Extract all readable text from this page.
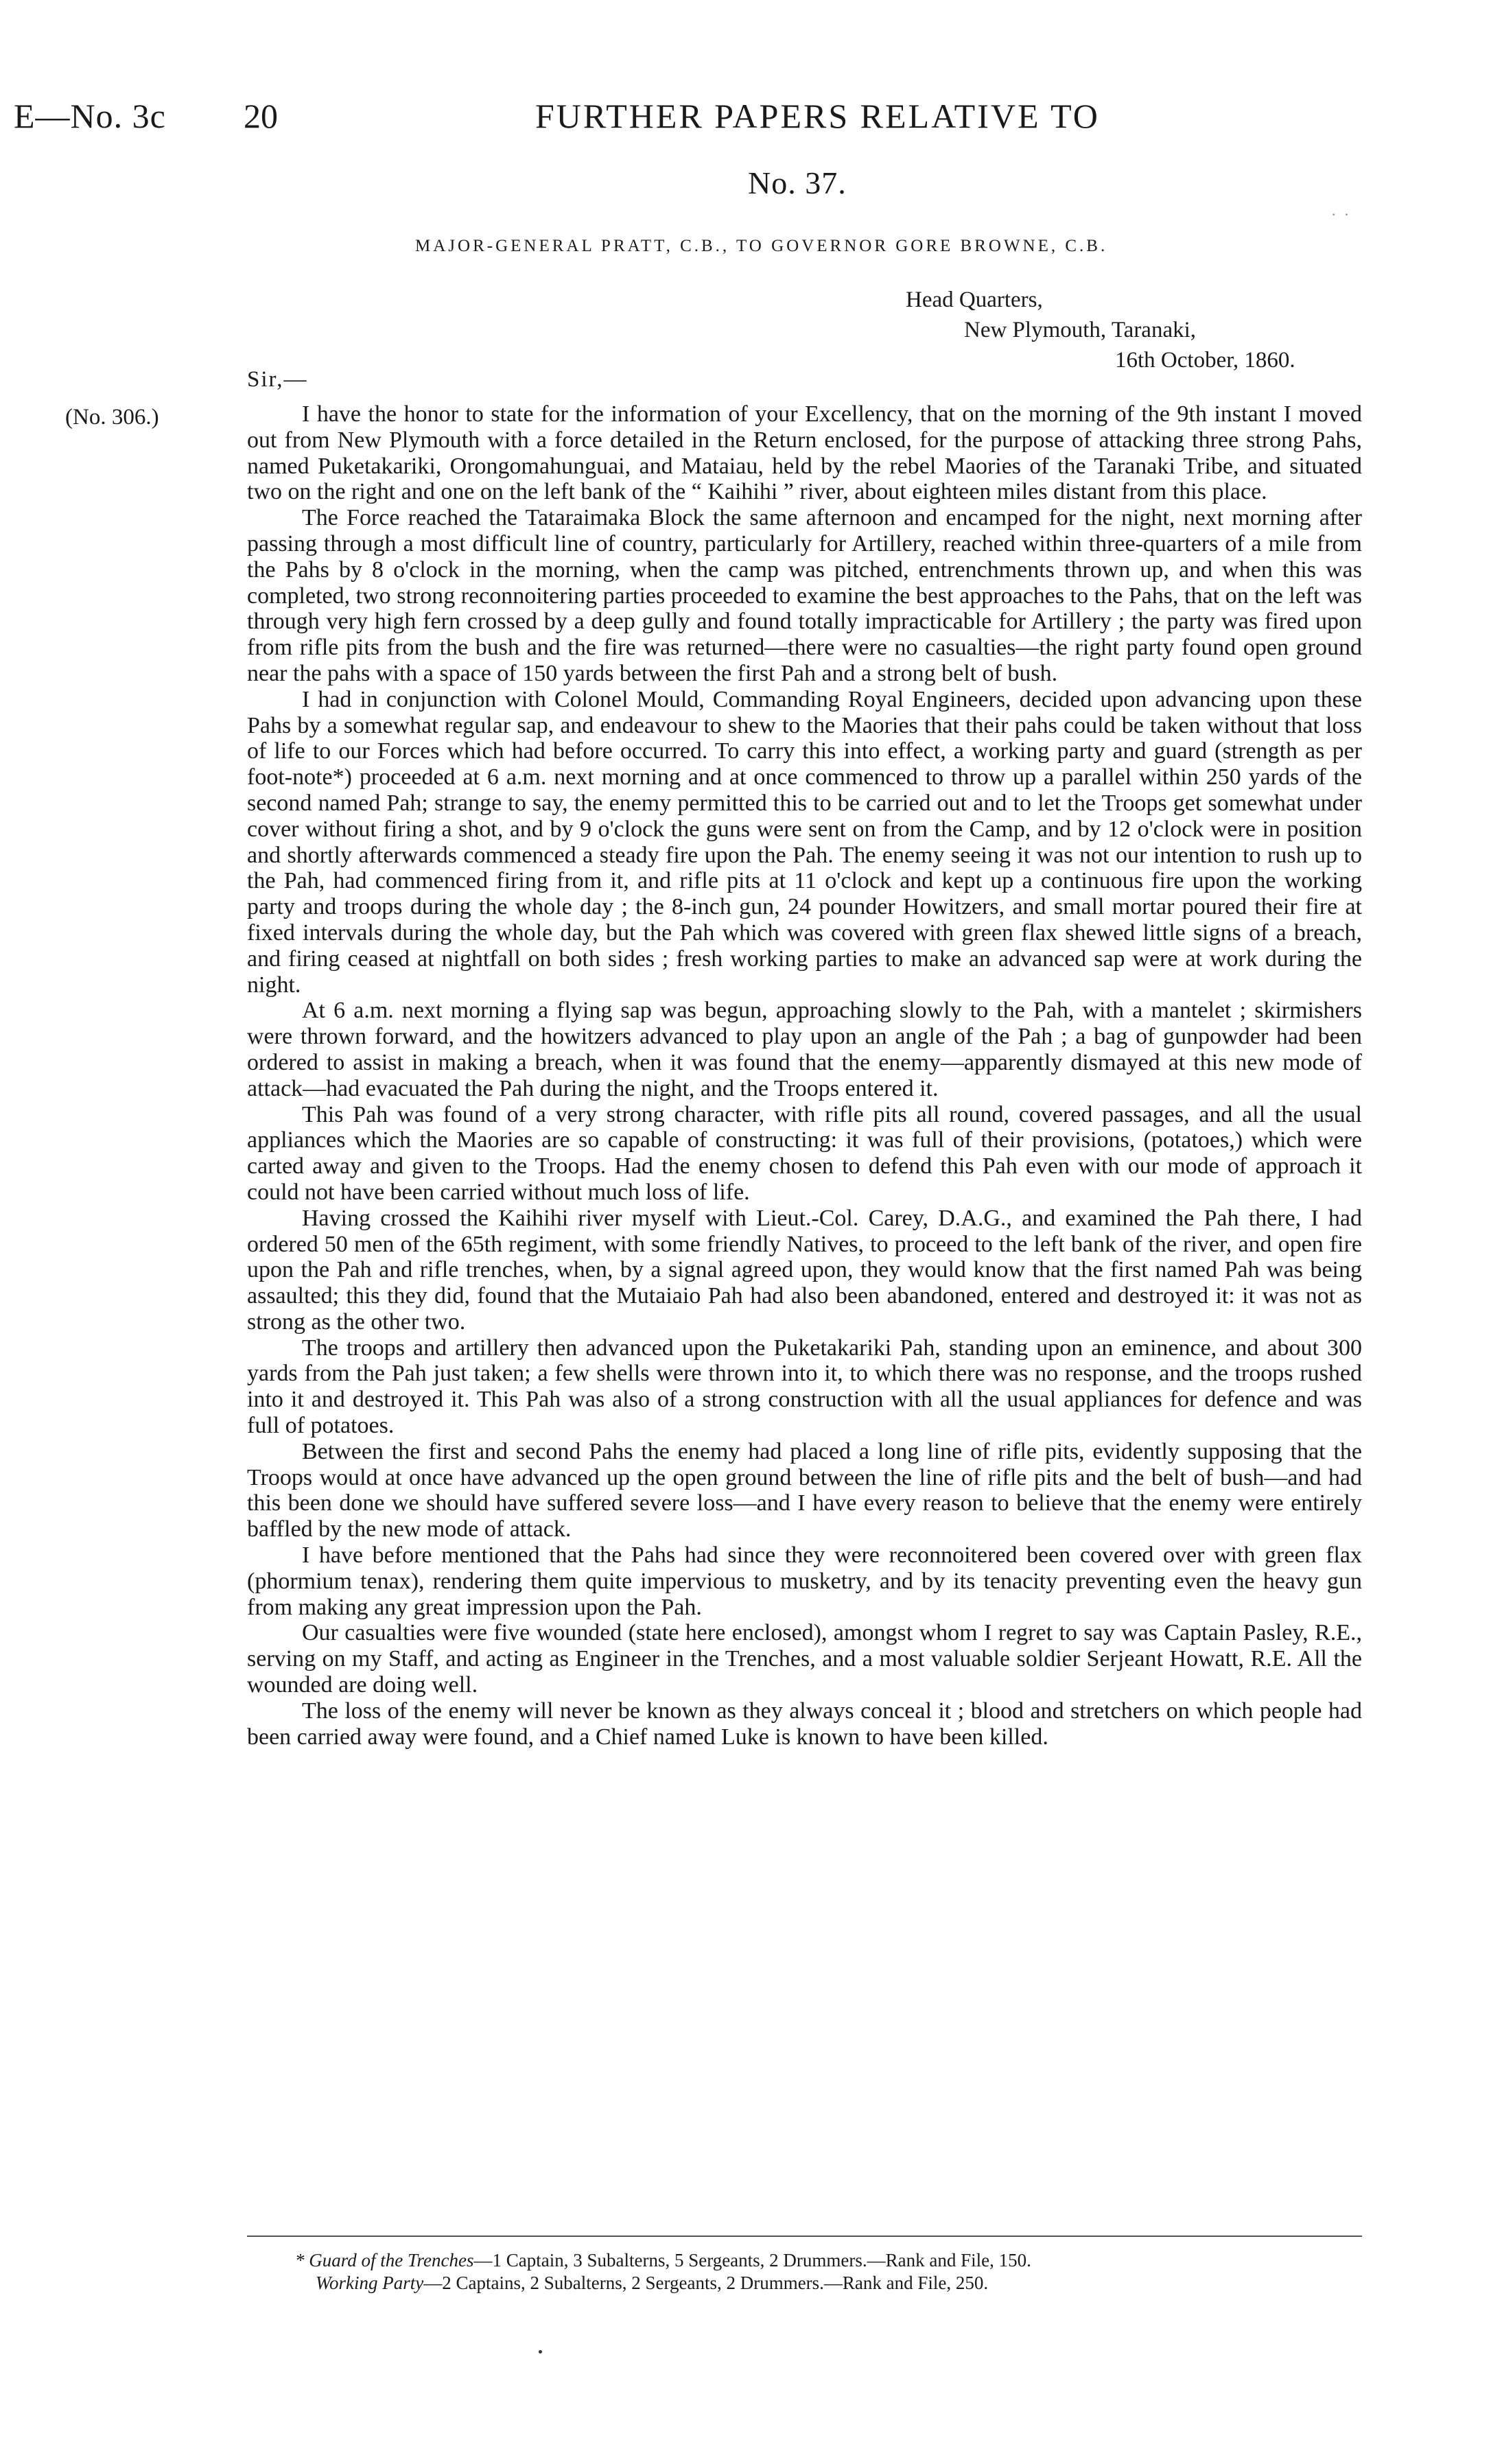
E—No. 3c 20	FURTHER PAPERS RELATIVE TO
No. 37.
MAJOR-GENERAL PRATT, C.B., TO GOVERNOR GORE BROWNE, C.B.
Head Quarters,
New Plymouth, Taranaki,
16th October, 1860.
Sir,—
(No. 306.)	I have the honor to state for the information of your Excellency, that on the morning of the 9th instant I moved out from New Plymouth with a force detailed in the Return enclosed, for the purpose of attacking three strong Pahs, named Puketakariki, Orongomahunguai, and Mataiau, held by the rebel Maories of the Taranaki Tribe, and situated two on the right and one on the left bank of the “ Kaihihi ” river, about eighteen miles distant from this place.

The Force reached the Tataraimaka Block the same afternoon and encamped for the night, next morning after passing through a most difficult line of country, particularly for Artillery, reached within three-quarters of a mile from the Pahs by 8 o'clock in the morning, when the camp was pitched, entrenchments thrown up, and when this was completed, two strong reconnoitering parties proceeded to examine the best approaches to the Pahs, that on the left was through very high fern crossed by a deep gully and found totally impracticable for Artillery ; the party was fired upon from rifle pits from the bush and the fire was returned—there were no casualties—the right party found open ground near the pahs with a space of 150 yards between the first Pah and a strong belt of bush.

I had in conjunction with Colonel Mould, Commanding Royal Engineers, decided upon advancing upon these Pahs by a somewhat regular sap, and endeavour to shew to the Maories that their pahs could be taken without that loss of life to our Forces which had before occurred. To carry this into effect, a working party and guard (strength as per foot-note*) proceeded at 6 a.m. next morning and at once commenced to throw up a parallel within 250 yards of the second named Pah; strange to say, the enemy permitted this to be carried out and to let the Troops get somewhat under cover without firing a shot, and by 9 o'clock the guns were sent on from the Camp, and by 12 o'clock were in position and shortly afterwards commenced a steady fire upon the Pah. The enemy seeing it was not our intention to rush up to the Pah, had commenced firing from it, and rifle pits at 11 o'clock and kept up a continuous fire upon the working party and troops during the whole day ; the 8-inch gun, 24 pounder Howitzers, and small mortar poured their fire at fixed intervals during the whole day, but the Pah which was covered with green flax shewed little signs of a breach, and firing ceased at nightfall on both sides ; fresh working parties to make an advanced sap were at work during the night.

At 6 a.m. next morning a flying sap was begun, approaching slowly to the Pah, with a mantelet ; skirmishers were thrown forward, and the howitzers advanced to play upon an angle of the Pah ; a bag of gunpowder had been ordered to assist in making a breach, when it was found that the enemy—apparently dismayed at this new mode of attack—had evacuated the Pah during the night, and the Troops entered it.

This Pah was found of a very strong character, with rifle pits all round, covered passages, and all the usual appliances which the Maories are so capable of constructing: it was full of their provisions, (potatoes,) which were carted away and given to the Troops. Had the enemy chosen to defend this Pah even with our mode of approach it could not have been carried without much loss of life.

Having crossed the Kaihihi river myself with Lieut.-Col. Carey, D.A.G., and examined the Pah there, I had ordered 50 men of the 65th regiment, with some friendly Natives, to proceed to the left bank of the river, and open fire upon the Pah and rifle trenches, when, by a signal agreed upon, they would know that the first named Pah was being assaulted; this they did, found that the Mutaiaio Pah had also been abandoned, entered and destroyed it: it was not as strong as the other two.

The troops and artillery then advanced upon the Puketakariki Pah, standing upon an eminence, and about 300 yards from the Pah just taken; a few shells were thrown into it, to which there was no response, and the troops rushed into it and destroyed it. This Pah was also of a strong construction with all the usual appliances for defence and was full of potatoes.

Between the first and second Pahs the enemy had placed a long line of rifle pits, evidently supposing that the Troops would at once have advanced up the open ground between the line of rifle pits and the belt of bush—and had this been done we should have suffered severe loss—and I have every reason to believe that the enemy were entirely baffled by the new mode of attack.

I have before mentioned that the Pahs had since they were reconnoitered been covered over with green flax (phormium tenax), rendering them quite impervious to musketry, and by its tenacity preventing even the heavy gun from making any great impression upon the Pah.

Our casualties were five wounded (state here enclosed), amongst whom I regret to say was Captain Pasley, R.E., serving on my Staff, and acting as Engineer in the Trenches, and a most valuable soldier Serjeant Howatt, R.E. All the wounded are doing well.

The loss of the enemy will never be known as they always conceal it ; blood and stretchers on which people had been carried away were found, and a Chief named Luke is known to have been killed.

* Guard of the Trenches—1 Captain, 3 Subalterns, 5 Sergeants, 2 Drummers.—Rank and File, 150.
Working Party—2 Captains, 2 Subalterns, 2 Sergeants, 2 Drummers.—Rank and File, 250.
· ·
